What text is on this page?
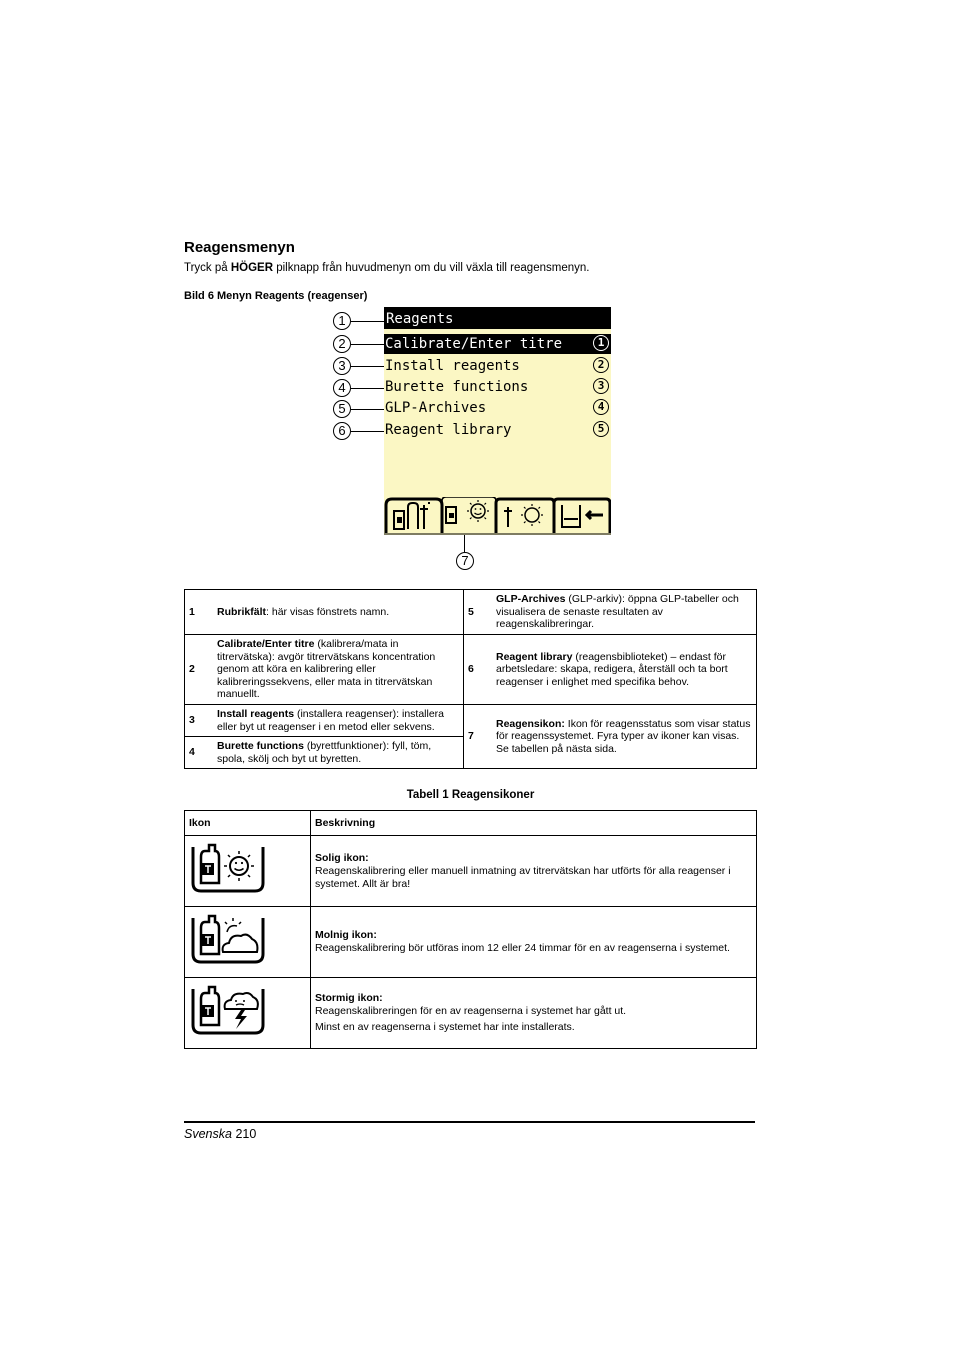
Reagensmenyn
Tryck på HÖGER pilknapp från huvudmenyn om du vill växla till reagensmenyn.
Bild 6 Menyn Reagents (reagenser)
1
2
3
4
5
6
7
Reagents
Calibrate/Enter titre	1
Install reagents	2
Burette functions	3
GLP-Archives	4
Reagent library	5
1	Rubrikfält: här visas fönstrets namn.	5	GLP-Archives (GLP-arkiv): öppna GLP-tabeller och visualisera de senaste resultaten av reagenskalibreringar.
2	Calibrate/Enter titre (kalibrera/mata in titrervätska): avgör titrervätskans koncentration genom att köra en kalibrering eller kalibreringssekvens, eller mata in titrervätskan manuellt.	6	Reagent library (reagensbiblioteket) – endast för arbetsledare: skapa, redigera, återställ och ta bort reagenser i enlighet med specifika behov.
3	Install reagents (installera reagenser): installera eller byt ut reagenser i en metod eller sekvens.	7	Reagensikon: Ikon för reagensstatus som visar status för reagenssystemet. Fyra typer av ikoner kan visas. Se tabellen på nästa sida.
4	Burette functions (byrettfunktioner): fyll, töm, spola, skölj och byt ut byretten.		
Tabell 1 Reagensikoner
Ikon	Beskrivning
	Solig ikon:
Reagenskalibrering eller manuell inmatning av titrervätskan har utförts för alla reagenser i systemet. Allt är bra!
	Molnig ikon:
Reagenskalibrering bör utföras inom 12 eller 24 timmar för en av reagenserna i systemet.
	Stormig ikon:
Reagenskalibreringen för en av reagenserna i systemet har gått ut.
Minst en av reagenserna i systemet har inte installerats.
Svenska 210
